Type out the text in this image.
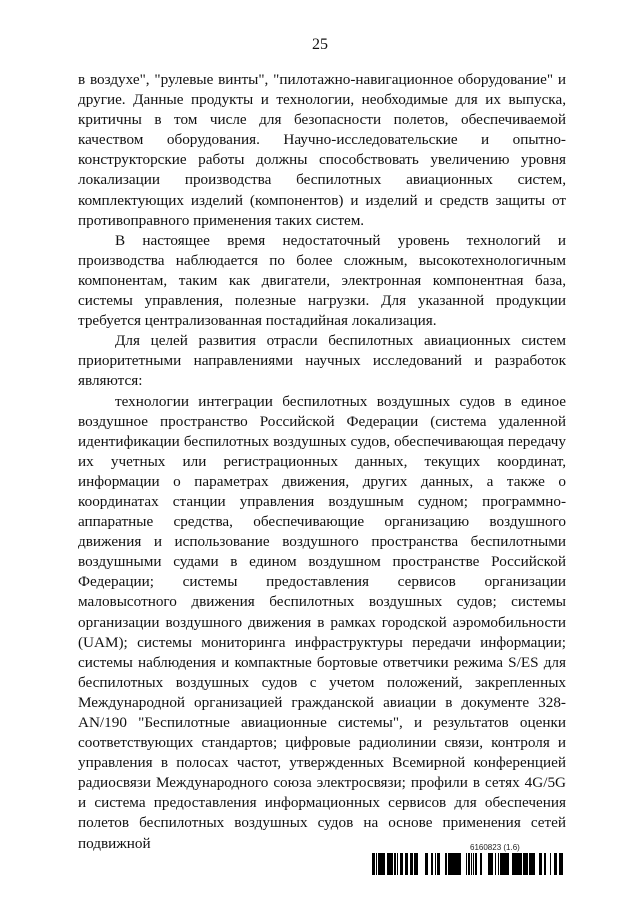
25

в воздухе", "рулевые винты", "пилотажно-навигационное оборудование" и другие. Данные продукты и технологии, необходимые для их выпуска, критичны в том числе для безопасности полетов, обеспечиваемой качеством оборудования. Научно-исследовательские и опытно-конструкторские работы должны способствовать увеличению уровня локализации производства беспилотных авиационных систем, комплектующих изделий (компонентов) и изделий и средств защиты от противоправного применения таких систем.

В настоящее время недостаточный уровень технологий и производства наблюдается по более сложным, высокотехнологичным компонентам, таким как двигатели, электронная компонентная база, системы управления, полезные нагрузки. Для указанной продукции требуется централизованная постадийная локализация.

Для целей развития отрасли беспилотных авиационных систем приоритетными направлениями научных исследований и разработок являются:

технологии интеграции беспилотных воздушных судов в единое воздушное пространство Российской Федерации (система удаленной идентификации беспилотных воздушных судов, обеспечивающая передачу их учетных или регистрационных данных, текущих координат, информации о параметрах движения, других данных, а также о координатах станции управления воздушным судном; программно-аппаратные средства, обеспечивающие организацию воздушного движения и использование воздушного пространства беспилотными воздушными судами в едином воздушном пространстве Российской Федерации; системы предоставления сервисов организации маловысотного движения беспилотных воздушных судов; системы организации воздушного движения в рамках городской аэромобильности (UAM); системы мониторинга инфраструктуры передачи информации; системы наблюдения и компактные бортовые ответчики режима S/ES для беспилотных воздушных судов с учетом положений, закрепленных Международной организацией гражданской авиации в документе 328-AN/190 "Беспилотные авиационные системы", и результатов оценки соответствующих стандартов; цифровые радиолинии связи, контроля и управления в полосах частот, утвержденных Всемирной конференцией радиосвязи Международного союза электросвязи; профили в сетях 4G/5G и система предоставления информационных сервисов для обеспечения полетов беспилотных воздушных судов на основе применения сетей подвижной	6160823 (1.6)
